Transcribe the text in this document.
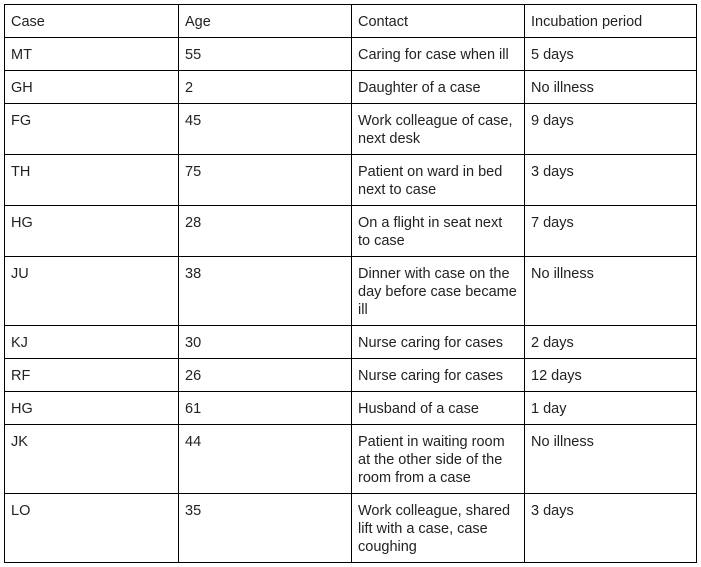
Case	Age	Contact	Incubation period
MT	55	Caring for case when ill	5 days
GH	2	Daughter of a case	No illness
FG	45	Work colleague of case, next desk	9 days
TH	75	Patient on ward in bed next to case	3 days
HG	28	On a flight in seat next to case	7 days
JU	38	Dinner with case on the day before case became ill	No illness
KJ	30	Nurse caring for cases	2 days
RF	26	Nurse caring for cases	12 days
HG	61	Husband of a case	1 day
JK	44	Patient in waiting room at the other side of the room from a case	No illness
LO	35	Work colleague, shared lift with a case, case coughing	3 days
